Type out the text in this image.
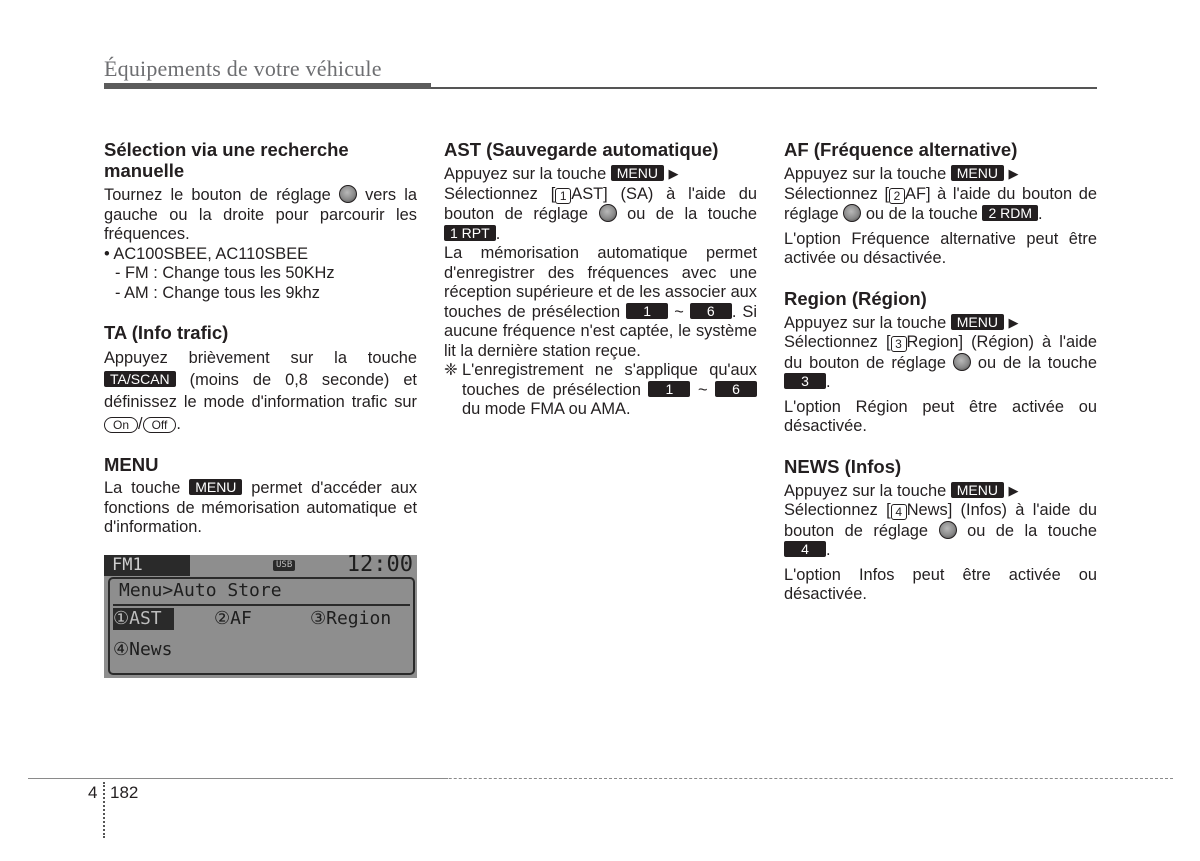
Équipements de votre véhicule
Sélection via une recherche manuelle

Tournez le bouton de réglage vers la gauche ou la droite pour parcourir les fréquences.

• AC100SBEE, AC110SBEE

- FM : Change tous les 50KHz

- AM : Change tous les 9khz

TA (Info trafic)

Appuyez brièvement sur la touche TA/SCAN (moins de 0,8 seconde) et définissez le mode d'information trafic surOn / Off .

MENU

La touche MENU permet d'accéder aux fonctions de mémorisation automatique et d'information.

FM1	USB 12:00
Menu>Auto Store
①AST	②AF	③Region
④News
AST (Sauvegarde automatique)

Appuyez sur la touche MENU ▶

Sélectionnez [ 1 AST] (SA) à l'aide du bouton de réglage ou de la touche 1 RPT .

La mémorisation automatique permet d'enregistrer des fréquences avec une réception supérieure et de les associer aux touches de présélection 1 ~ 6 . Si aucune fréquence n'est captée, le système lit la dernière station reçue.

❈ L'enregistrement ne s'applique qu'aux touches de présélection 1 ~ 6 du mode FMA ou AMA.

AF (Fréquence alternative)

Appuyez sur la touche MENU ▶

Sélectionnez [ 2 AF] à l'aide du bouton de réglage ou de la touche 2 RDM .

L'option Fréquence alternative peut être activée ou désactivée.

Region (Région)

Appuyez sur la touche MENU ▶

Sélectionnez [ 3 Region] (Région) à l'aide du bouton de réglage ou de la touche 3 .

L'option Région peut être activée ou désactivée.

NEWS (Infos)

Appuyez sur la touche MENU ▶

Sélectionnez [ 4 News] (Infos) à l'aide du bouton de réglage ou de la touche 4 .

L'option Infos peut être activée ou désactivée.

4 182
